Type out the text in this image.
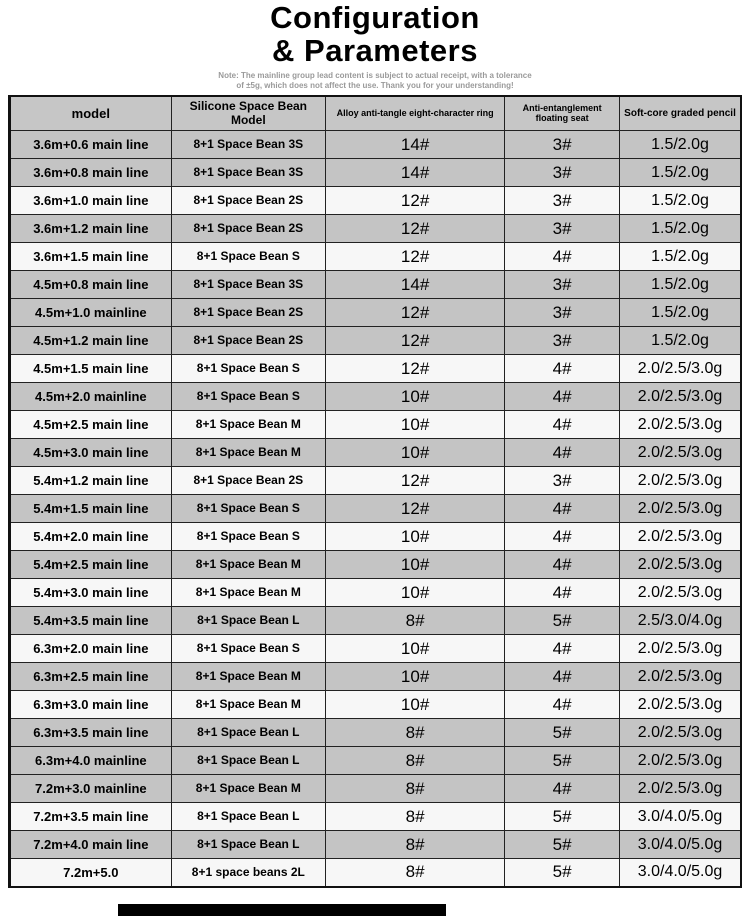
Configuration
& Parameters

Note: The mainline group lead content is subject to actual receipt, with a tolerance
of ±5g, which does not affect the use. Thank you for your understanding!

model	Silicone Space Bean Model	Alloy anti-tangle eight-character ring	Anti-entanglement floating seat	Soft-core graded pencil
3.6m+0.6 main line	8+1 Space Bean 3S	14#	3#	1.5/2.0g
3.6m+0.8 main line	8+1 Space Bean 3S	14#	3#	1.5/2.0g
3.6m+1.0 main line	8+1 Space Bean 2S	12#	3#	1.5/2.0g
3.6m+1.2 main line	8+1 Space Bean 2S	12#	3#	1.5/2.0g
3.6m+1.5 main line	8+1 Space Bean S	12#	4#	1.5/2.0g
4.5m+0.8 main line	8+1 Space Bean 3S	14#	3#	1.5/2.0g
4.5m+1.0 mainline	8+1 Space Bean 2S	12#	3#	1.5/2.0g
4.5m+1.2 main line	8+1 Space Bean 2S	12#	3#	1.5/2.0g
4.5m+1.5 main line	8+1 Space Bean S	12#	4#	2.0/2.5/3.0g
4.5m+2.0 mainline	8+1 Space Bean S	10#	4#	2.0/2.5/3.0g
4.5m+2.5 main line	8+1 Space Bean M	10#	4#	2.0/2.5/3.0g
4.5m+3.0 main line	8+1 Space Bean M	10#	4#	2.0/2.5/3.0g
5.4m+1.2 main line	8+1 Space Bean 2S	12#	3#	2.0/2.5/3.0g
5.4m+1.5 main line	8+1 Space Bean S	12#	4#	2.0/2.5/3.0g
5.4m+2.0 main line	8+1 Space Bean S	10#	4#	2.0/2.5/3.0g
5.4m+2.5 main line	8+1 Space Bean M	10#	4#	2.0/2.5/3.0g
5.4m+3.0 main line	8+1 Space Bean M	10#	4#	2.0/2.5/3.0g
5.4m+3.5 main line	8+1 Space Bean L	8#	5#	2.5/3.0/4.0g
6.3m+2.0 main line	8+1 Space Bean S	10#	4#	2.0/2.5/3.0g
6.3m+2.5 main line	8+1 Space Bean M	10#	4#	2.0/2.5/3.0g
6.3m+3.0 main line	8+1 Space Bean M	10#	4#	2.0/2.5/3.0g
6.3m+3.5 main line	8+1 Space Bean L	8#	5#	2.0/2.5/3.0g
6.3m+4.0 mainline	8+1 Space Bean L	8#	5#	2.0/2.5/3.0g
7.2m+3.0 mainline	8+1 Space Bean M	8#	4#	2.0/2.5/3.0g
7.2m+3.5 main line	8+1 Space Bean L	8#	5#	3.0/4.0/5.0g
7.2m+4.0 main line	8+1 Space Bean L	8#	5#	3.0/4.0/5.0g
7.2m+5.0	8+1 space beans 2L	8#	5#	3.0/4.0/5.0g
